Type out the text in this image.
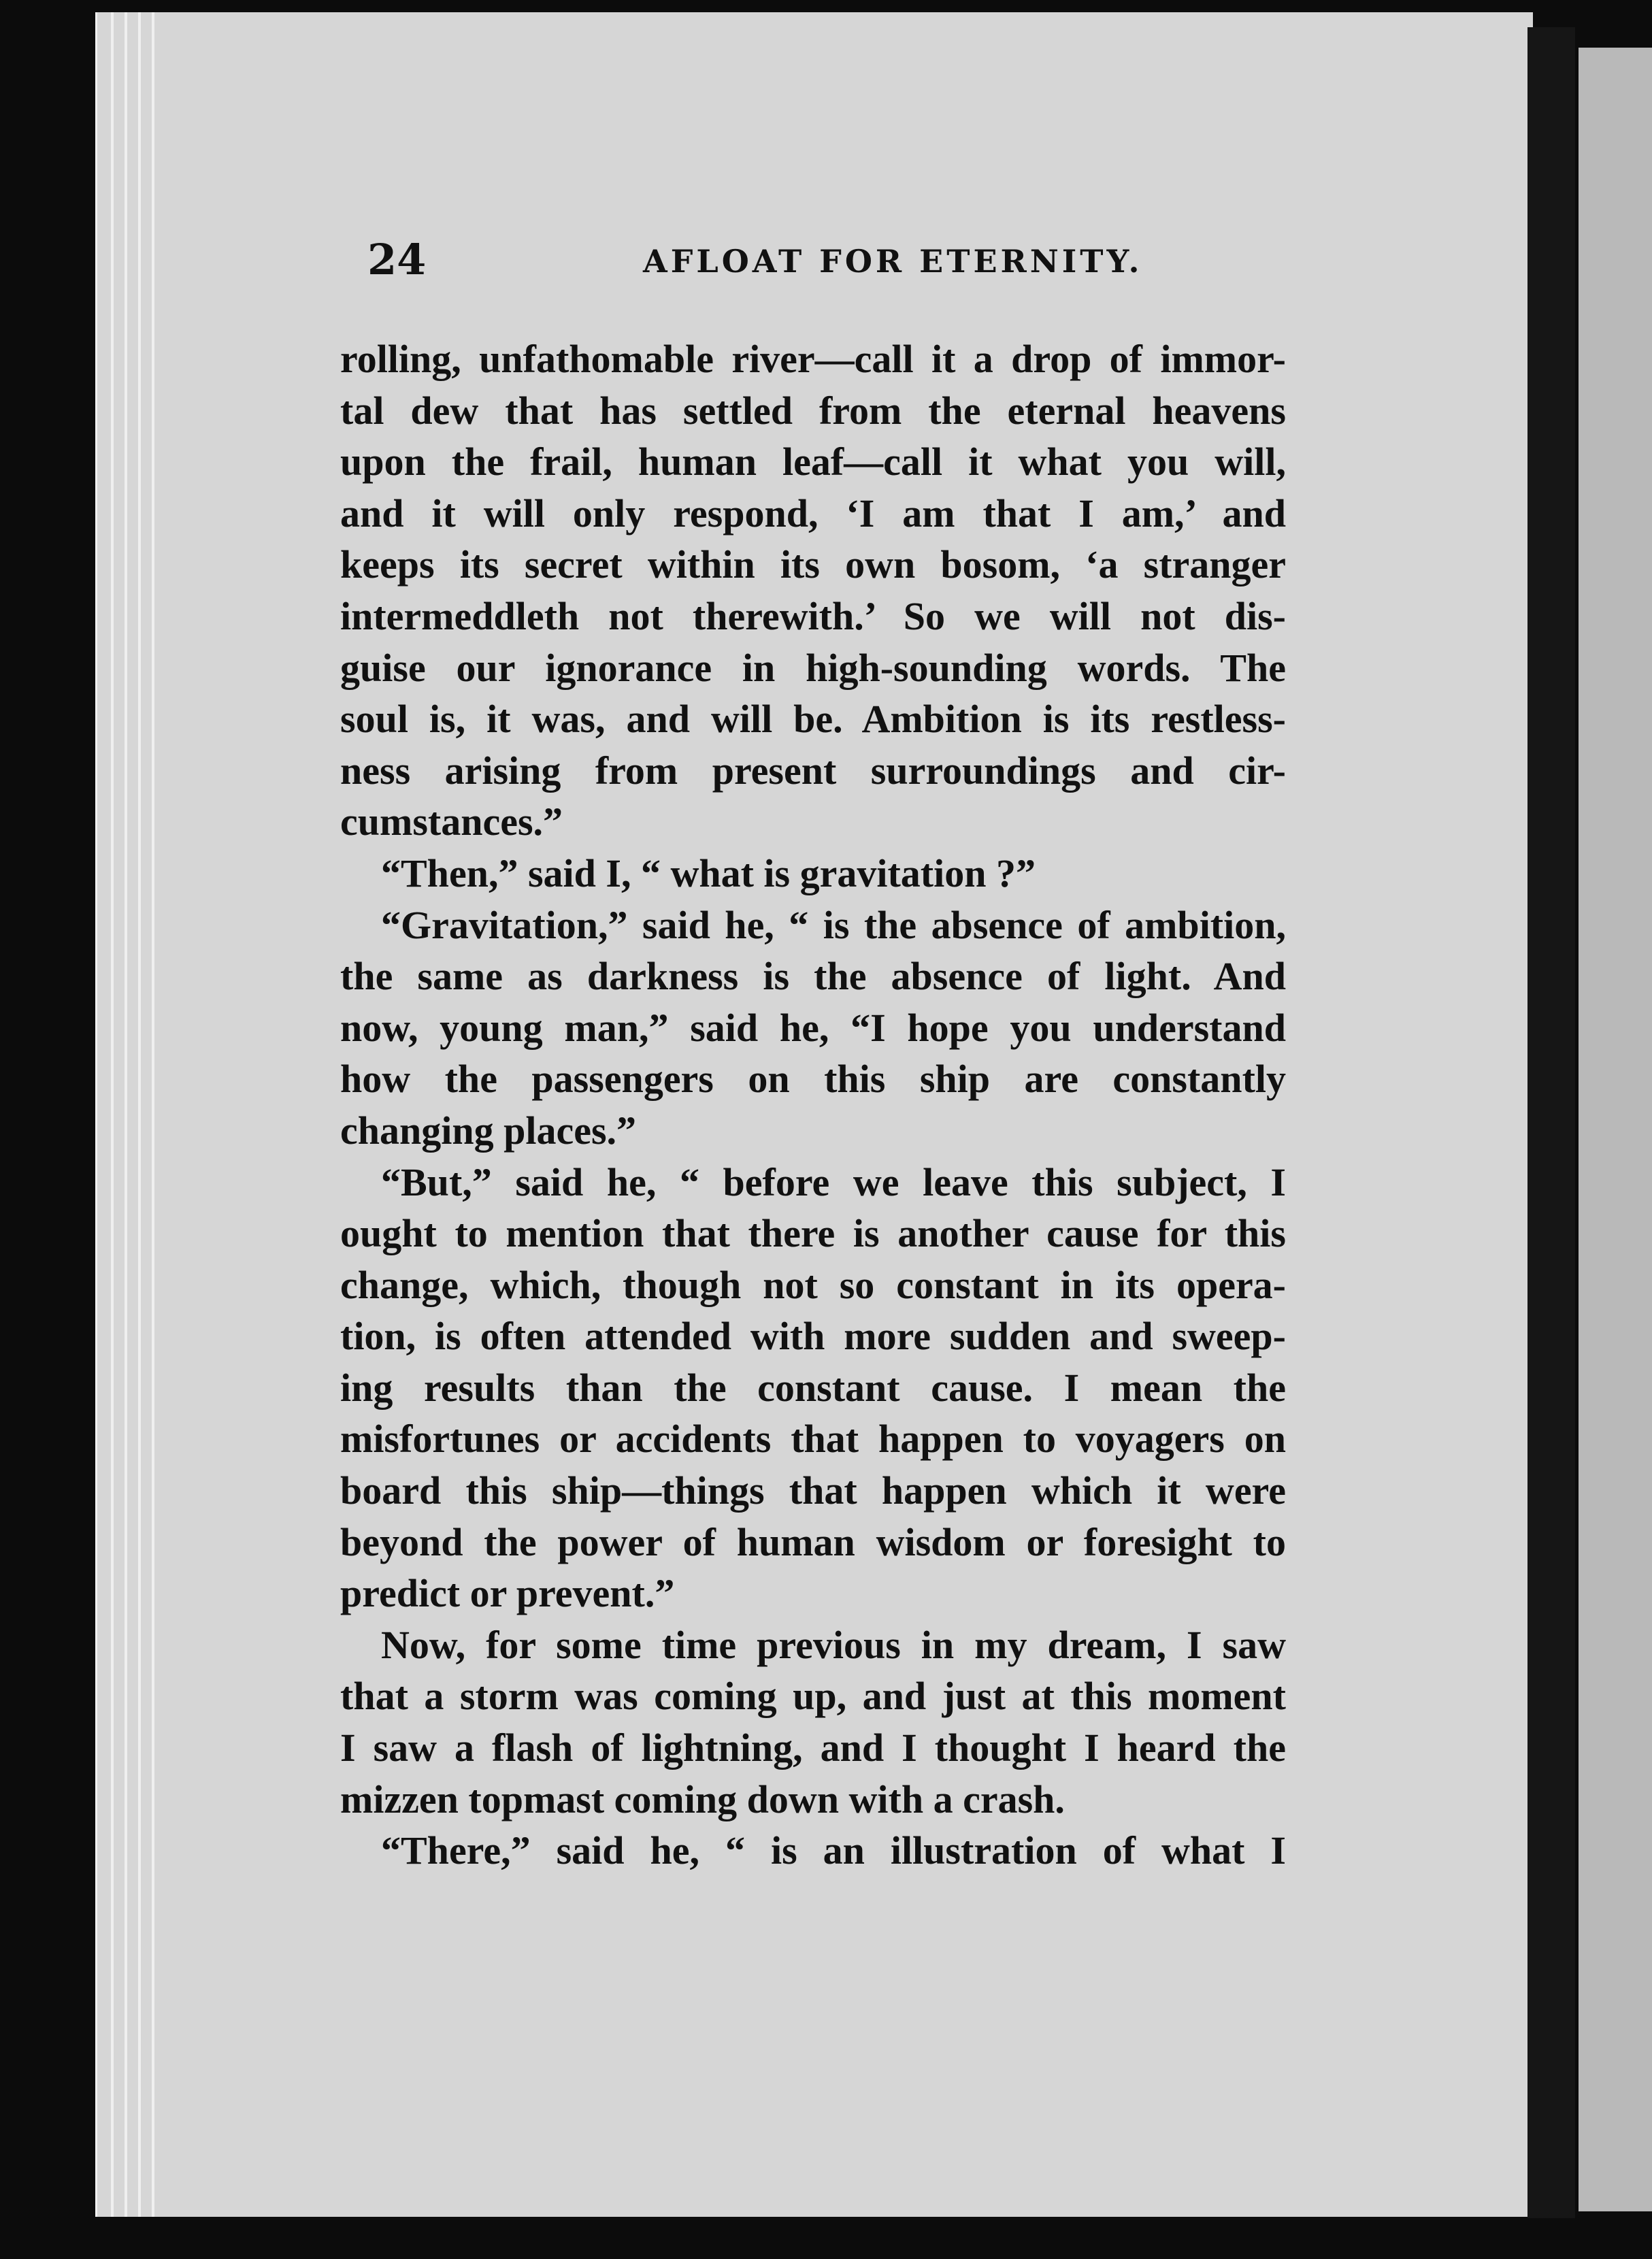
24	AFLOAT FOR ETERNITY.
rolling, unfathomable river—call it a drop of immor-
tal dew that has settled from the eternal heavens
upon the frail, human leaf—call it what you will,
and it will only respond, ‘I am that I am,’ and
keeps its secret within its own bosom, ‘a stranger
intermeddleth not therewith.’ So we will not dis-
guise our ignorance in high-sounding words. The
soul is, it was, and will be. Ambition is its restless-
ness arising from present surroundings and cir-
cumstances.”
“Then,” said I, “ what is gravitation ?”
“Gravitation,” said he, “ is the absence of ambition,
the same as darkness is the absence of light. And
now, young man,” said he, “I hope you understand
how the passengers on this ship are constantly
changing places.”
“But,” said he, “ before we leave this subject, I
ought to mention that there is another cause for this
change, which, though not so constant in its opera-
tion, is often attended with more sudden and sweep-
ing results than the constant cause. I mean the
misfortunes or accidents that happen to voyagers on
board this ship—things that happen which it were
beyond the power of human wisdom or foresight to
predict or prevent.”
Now, for some time previous in my dream, I saw
that a storm was coming up, and just at this moment
I saw a flash of lightning, and I thought I heard the
mizzen topmast coming down with a crash.
“There,” said he, “ is an illustration of what I
